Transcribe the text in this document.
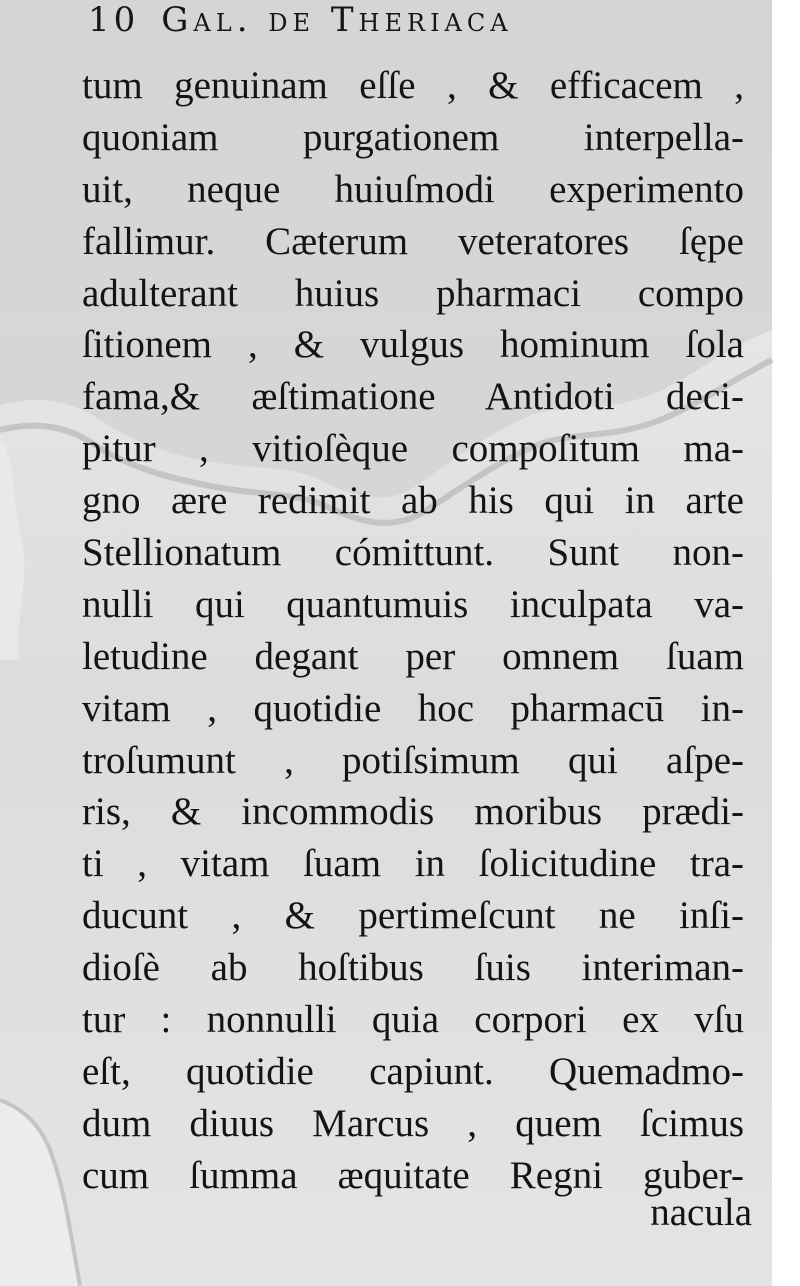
10 Gal. de Theriaca
tum genuinam eſſe , & efficacem ,
quoniam purgationem interpella-
uit, neque huiuſmodi experimento
fallimur. Cæterum veteratores ſępe
adulterant huius pharmaci compo
ſitionem , & vulgus hominum ſola
fama,& æſtimatione Antidoti deci-
pitur , vitioſèque compoſitum ma-
gno ære redimit ab his qui in arte
Stellionatum cómittunt. Sunt non-
nulli qui quantumuis inculpata va-
letudine degant per omnem ſuam
vitam , quotidie hoc pharmacū in-
troſumunt , potiſsimum qui aſpe-
ris, & incommodis moribus prædi-
ti , vitam ſuam in ſolicitudine tra-
ducunt , & pertimeſcunt ne inſi-
dioſè ab hoſtibus ſuis interiman-
tur : nonnulli quia corpori ex vſu
eſt, quotidie capiunt. Quemadmo-
dum diuus Marcus , quem ſcimus
cum ſumma æquitate Regni guber-
nacula
